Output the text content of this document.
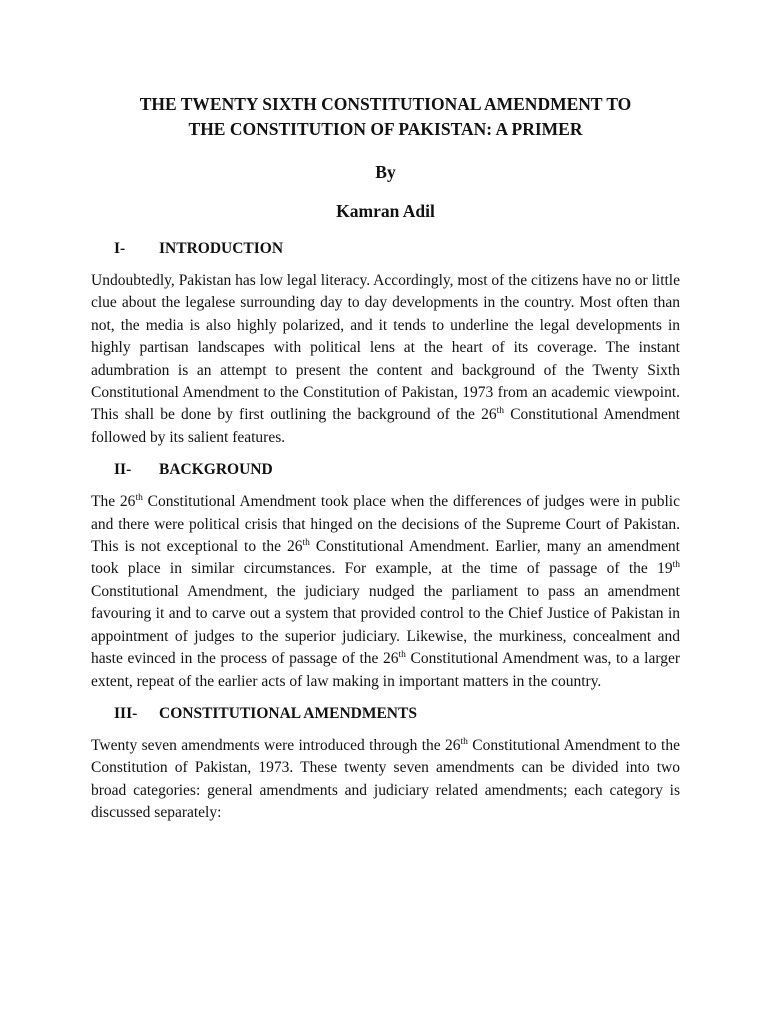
THE TWENTY SIXTH CONSTITUTIONAL AMENDMENT TO
THE CONSTITUTION OF PAKISTAN: A PRIMER

By

Kamran Adil

I-	INTRODUCTION

Undoubtedly, Pakistan has low legal literacy. Accordingly, most of the citizens have no or little clue about the legalese surrounding day to day developments in the country. Most often than not, the media is also highly polarized, and it tends to underline the legal developments in highly partisan landscapes with political lens at the heart of its coverage. The instant adumbration is an attempt to present the content and background of the Twenty Sixth Constitutional Amendment to the Constitution of Pakistan, 1973 from an academic viewpoint. This shall be done by first outlining the background of the 26th Constitutional Amendment followed by its salient features.

II-	BACKGROUND

The 26th Constitutional Amendment took place when the differences of judges were in public and there were political crisis that hinged on the decisions of the Supreme Court of Pakistan. This is not exceptional to the 26th Constitutional Amendment. Earlier, many an amendment took place in similar circumstances. For example, at the time of passage of the 19th Constitutional Amendment, the judiciary nudged the parliament to pass an amendment favouring it and to carve out a system that provided control to the Chief Justice of Pakistan in appointment of judges to the superior judiciary. Likewise, the murkiness, concealment and haste evinced in the process of passage of the 26th Constitutional Amendment was, to a larger extent, repeat of the earlier acts of law making in important matters in the country.

III-	CONSTITUTIONAL AMENDMENTS

Twenty seven amendments were introduced through the 26th Constitutional Amendment to the Constitution of Pakistan, 1973. These twenty seven amendments can be divided into two broad categories: general amendments and judiciary related amendments; each category is discussed separately:
